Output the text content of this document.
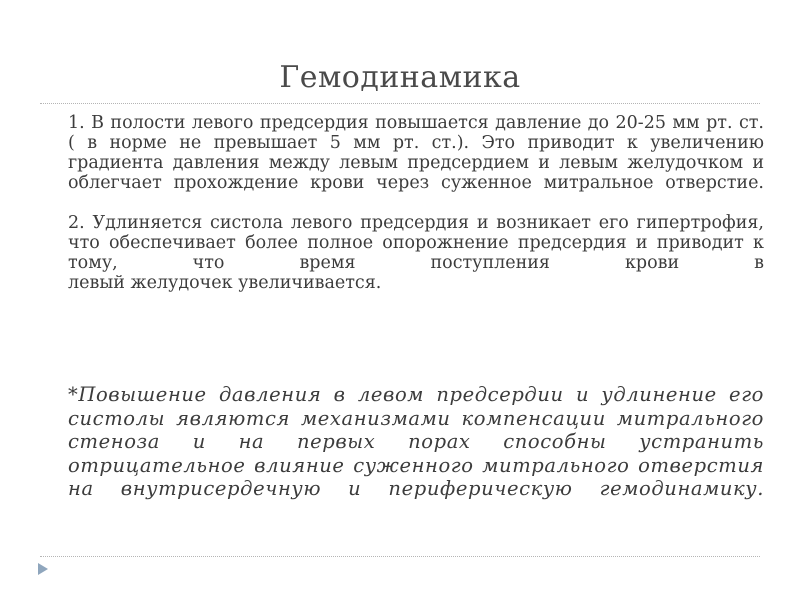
Гемодинамика

1. В полости левого предсердия повышается давление до 20-25 мм рт. ст. ( в норме не превышает 5 мм рт. ст.). Это приводит к увеличению градиента давления между левым предсердием и левым желудочком и облегчает прохождение крови через суженное митральное отверстие.

2. Удлиняется систола левого предсердия и возникает его гипертрофия, что обеспечивает более полное опорожнение предсердия и приводит к тому, что время поступления крови в
левый желудочек увеличивается.

*Повышение давления в левом предсердии и удлинение его систолы являются механизмами компенсации митрального стеноза и на первых порах способны устранить отрицательное влияние суженного митрального отверстия на внутрисердечную и периферическую гемодинамику.
